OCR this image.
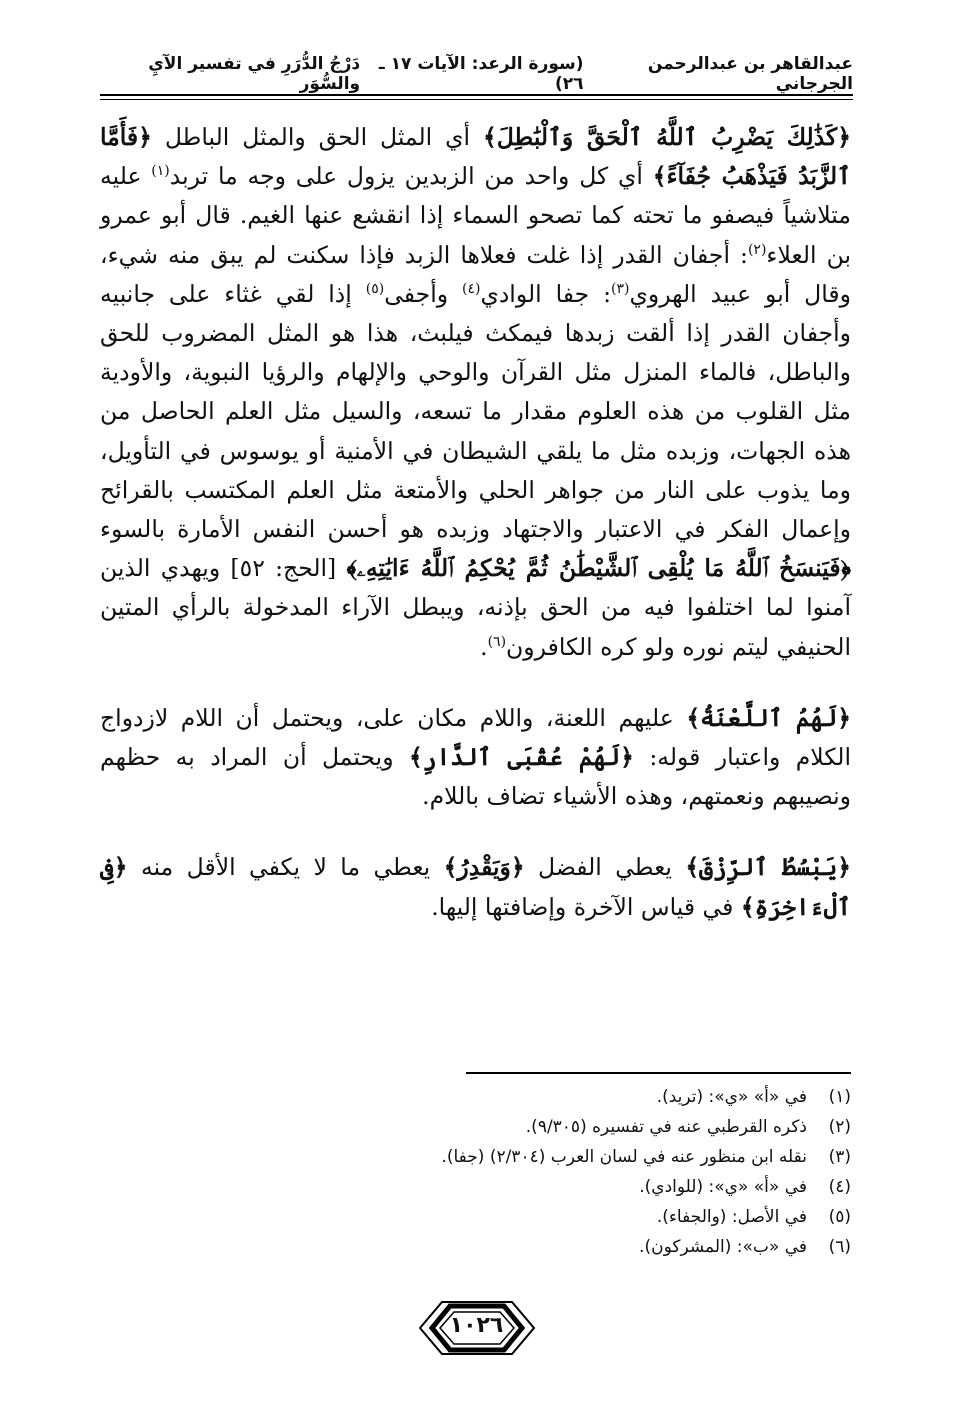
عبدالقاهر بن عبدالرحمن الجرجاني
(سورة الرعد: الآيات ١٧ ـ ٢٦)
دَرْجُ الدُّرَرِ في تفسير الآيِ والسُّوَرِ

﴿كَذَٰلِكَ يَضْرِبُ ٱللَّهُ ٱلْحَقَّ وَٱلْبَٰطِلَ﴾ أي المثل الحق والمثل الباطل ﴿فَأَمَّا ٱلزَّبَدُ فَيَذْهَبُ جُفَآءً﴾ أي كل واحد من الزبدين يزول على وجه ما تربد$^{(١)}$ عليه متلاشياً فيصفو ما تحته كما تصحو السماء إذا انقشع عنها الغيم. قال أبو عمرو بن العلاء$^{(٢)}$: أجفان القدر إذا غلت فعلاها الزبد فإذا سكنت لم يبق منه شيء، وقال أبو عبيد الهروي$^{(٣)}$: جفا الوادي$^{(٤)}$ وأجفى$^{(٥)}$ إذا لقي غثاء على جانبيه وأجفان القدر إذا ألقت زبدها فيمكث فيلبث، هذا هو المثل المضروب للحق والباطل، فالماء المنزل مثل القرآن والوحي والإلهام والرؤيا النبوية، والأودية مثل القلوب من هذه العلوم مقدار ما تسعه، والسيل مثل العلم الحاصل من هذه الجهات، وزبده مثل ما يلقي الشيطان في الأمنية أو يوسوس في التأويل، وما يذوب على النار من جواهر الحلي والأمتعة مثل العلم المكتسب بالقرائح وإعمال الفكر في الاعتبار والاجتهاد وزبده هو أحسن النفس الأمارة بالسوء ﴿فَيَنسَخُ ٱللَّهُ مَا يُلْقِى ٱلشَّيْطَٰنُ ثُمَّ يُحْكِمُ ٱللَّهُ ءَايَٰتِهِۦ﴾ [الحج: ٥٢] ويهدي الذين آمنوا لما اختلفوا فيه من الحق بإذنه، ويبطل الآراء المدخولة بالرأي المتين الحنيفي ليتم نوره ولو كره الكافرون$^{(٦)}$.

﴿لَهُمُ ٱللَّعْنَةُ﴾ عليهم اللعنة، واللام مكان على، ويحتمل أن اللام لازدواج الكلام واعتبار قوله: ﴿لَهُمْ عُقْبَى ٱلدَّارِ﴾ ويحتمل أن المراد به حظهم ونصيبهم ونعمتهم، وهذه الأشياء تضاف باللام.

﴿يَبْسُطُ ٱلرِّزْقَ﴾ يعطي الفضل ﴿وَيَقْدِرُ﴾ يعطي ما لا يكفي الأقل منه ﴿فِى ٱلْءَاخِرَةِ﴾ في قياس الآخرة وإضافتها إليها.

(١)في «أ» «ي»: (تريد).
(٢)ذكره القرطبي عنه في تفسيره (٩/٣٠٥).
(٣)نقله ابن منظور عنه في لسان العرب (٢/٣٠٤) (جفا).
(٤)في «أ» «ي»: (للوادي).
(٥)في الأصل: (والجفاء).
(٦)في «ب»: (المشركون).
١٠٢٦
